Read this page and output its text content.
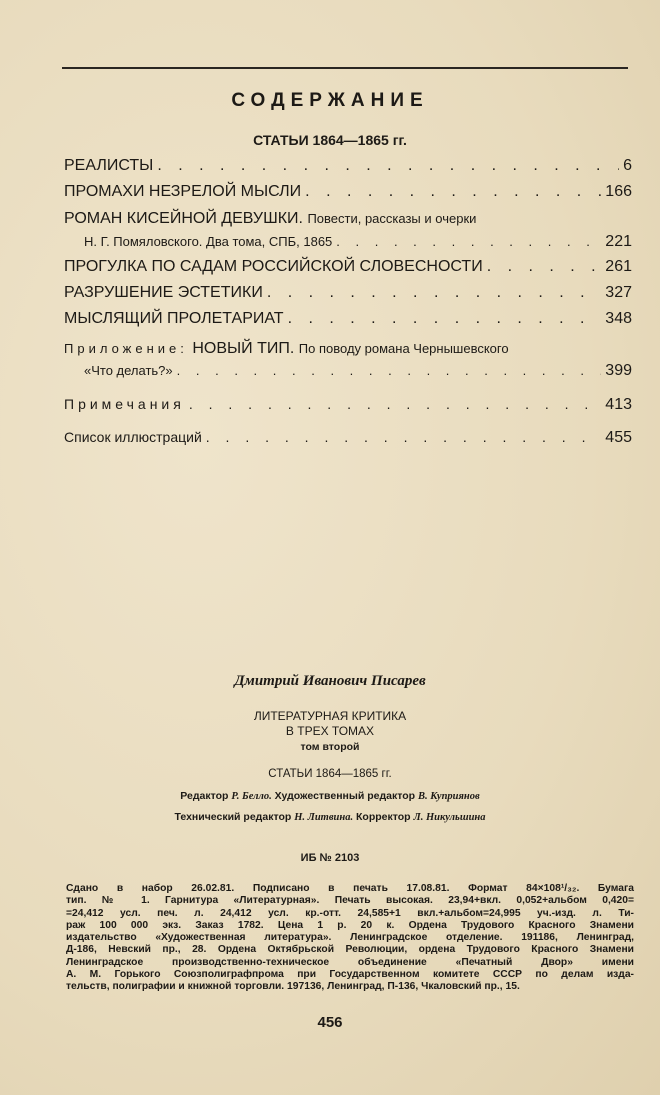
СОДЕРЖАНИЕ
СТАТЬИ 1864—1865 гг.
РЕАЛИСТЫ . . .	6
ПРОМАХИ НЕЗРЕЛОЙ МЫСЛИ . . .	166
РОМАН КИСЕЙНОЙ ДЕВУШКИ. Повести, рассказы и очерки
Н. Г. Помяловского. Два тома, СПБ, 1865 . . .	221
ПРОГУЛКА ПО САДАМ РОССИЙСКОЙ СЛОВЕСНОСТИ . . .	261
РАЗРУШЕНИЕ ЭСТЕТИКИ . . .	327
МЫСЛЯЩИЙ ПРОЛЕТАРИАТ . . .	348
Приложение: НОВЫЙ ТИП. По поводу романа Чернышевского
«Что делать?» . . .	399
Примечания . . .	413
Список иллюстраций . . .	455
Дмитрий Иванович Писарев
ЛИТЕРАТУРНАЯ КРИТИКА
В ТРЕХ ТОМАХ
том второй
СТАТЬИ 1864—1865 гг.
Редактор Р. Белло. Художественный редактор В. Куприянов
Технический редактор Н. Литвина. Корректор Л. Никульшина
ИБ № 2103
Сдано в набор 26.02.81. Подписано в печать 17.08.81. Формат 84×108¹/₃₂. Бумага
тип. № 1. Гарнитура «Литературная». Печать высокая. 23,94+вкл. 0,052+альбом 0,420=
=24,412 усл. печ. л. 24,412 усл. кр.-отт. 24,585+1 вкл.+альбом=24,995 уч.-изд. л. Ти-
раж 100 000 экз. Заказ 1782. Цена 1 р. 20 к. Ордена Трудового Красного Знамени
издательство «Художественная литература». Ленинградское отделение. 191186, Ленинград,
Д-186, Невский пр., 28. Ордена Октябрьской Революции, ордена Трудового Красного Знамени
Ленинградское производственно-техническое объединение «Печатный Двор» имени
А. М. Горького Союзполиграфпрома при Государственном комитете СССР по делам изда-
тельств, полиграфии и книжной торговли. 197136, Ленинград, П-136, Чкаловский пр., 15.
456
